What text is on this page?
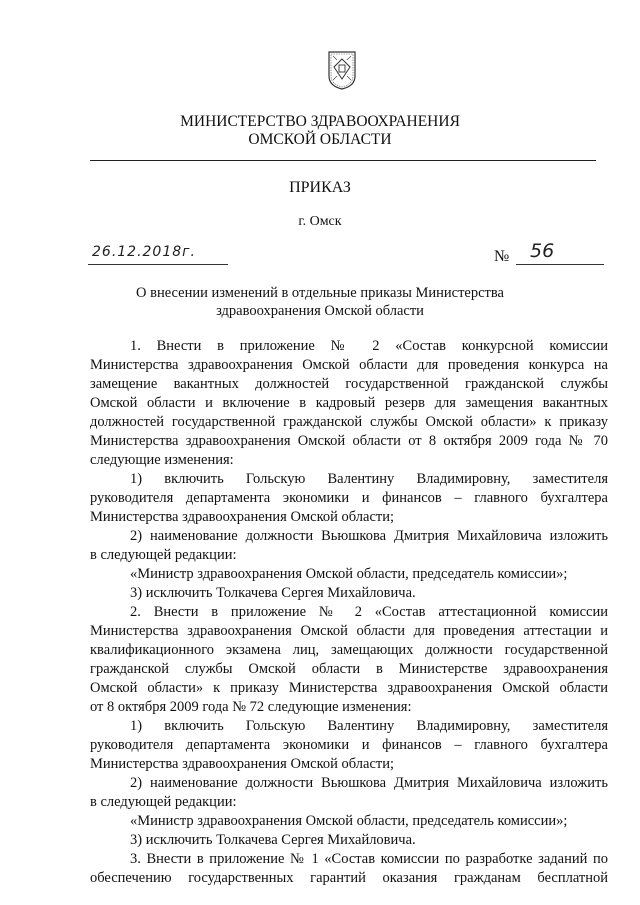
МИНИСТЕРСТВО ЗДРАВООХРАНЕНИЯ
ОМСКОЙ ОБЛАСТИ
ПРИКАЗ
г. Омск
26.12.2018г.	№ 56
О внесении изменений в отдельные приказы Министерства
здравоохранения Омской области
1. Внести в приложение № 2 «Состав конкурсной комиссии
Министерства здравоохранения Омской области для проведения конкурса на
замещение вакантных должностей государственной гражданской службы
Омской области и включение в кадровый резерв для замещения вакантных
должностей государственной гражданской службы Омской области» к приказу
Министерства здравоохранения Омской области от 8 октября 2009 года № 70
следующие изменения:
1) включить Гольскую Валентину Владимировну, заместителя
руководителя департамента экономики и финансов – главного бухгалтера
Министерства здравоохранения Омской области;
2) наименование должности Вьюшкова Дмитрия Михайловича изложить
в следующей редакции:
«Министр здравоохранения Омской области, председатель комиссии»;
3) исключить Толкачева Сергея Михайловича.
2. Внести в приложение № 2 «Состав аттестационной комиссии
Министерства здравоохранения Омской области для проведения аттестации и
квалификационного экзамена лиц, замещающих должности государственной
гражданской службы Омской области в Министерстве здравоохранения
Омской области» к приказу Министерства здравоохранения Омской области
от 8 октября 2009 года № 72 следующие изменения:
1) включить Гольскую Валентину Владимировну, заместителя
руководителя департамента экономики и финансов – главного бухгалтера
Министерства здравоохранения Омской области;
2) наименование должности Вьюшкова Дмитрия Михайловича изложить
в следующей редакции:
«Министр здравоохранения Омской области, председатель комиссии»;
3) исключить Толкачева Сергея Михайловича.
3. Внести в приложение № 1 «Состав комиссии по разработке заданий по
обеспечению государственных гарантий оказания гражданам бесплатной
